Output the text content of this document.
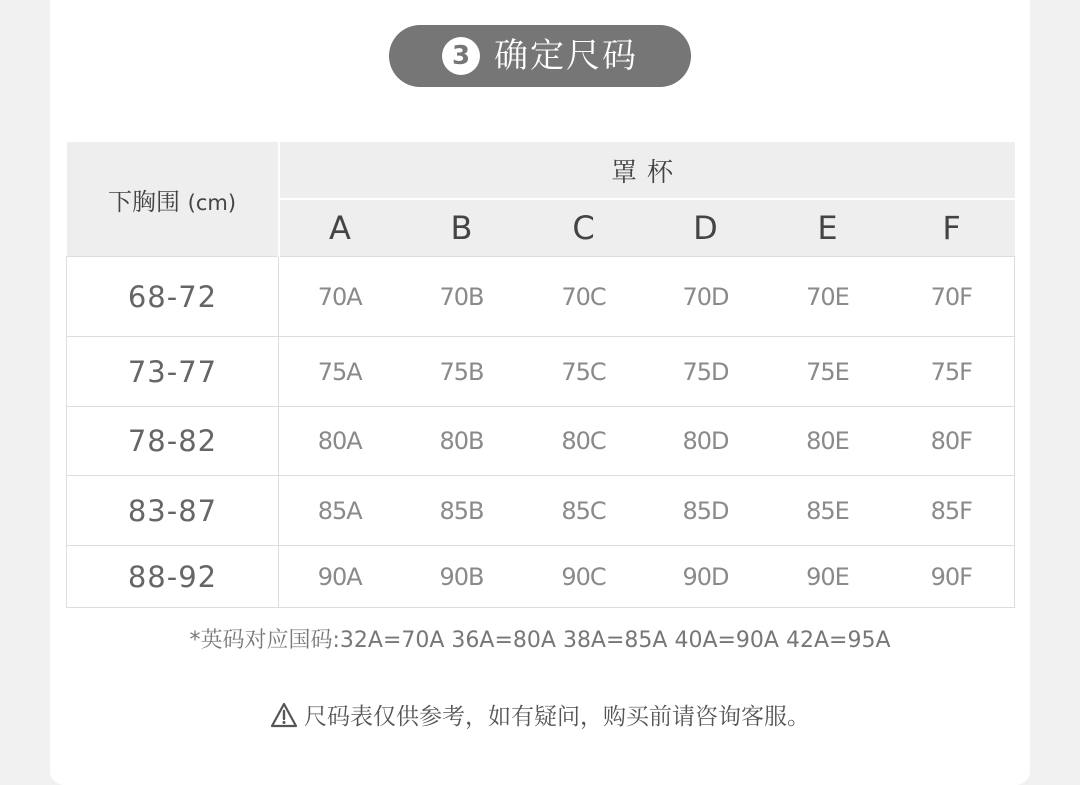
3 确定尺码
下胸围 (cm)	罩杯					
	A	B	C	D	E	F
68-72	70A	70B	70C	70D	70E	70F
73-77	75A	75B	75C	75D	75E	75F
78-82	80A	80B	80C	80D	80E	80F
83-87	85A	85B	85C	85D	85E	85F
88-92	90A	90B	90C	90D	90E	90F
*英码对应国码:32A=70A 36A=80A 38A=85A 40A=90A 42A=95A
尺码表仅供参考，如有疑问，购买前请咨询客服。
